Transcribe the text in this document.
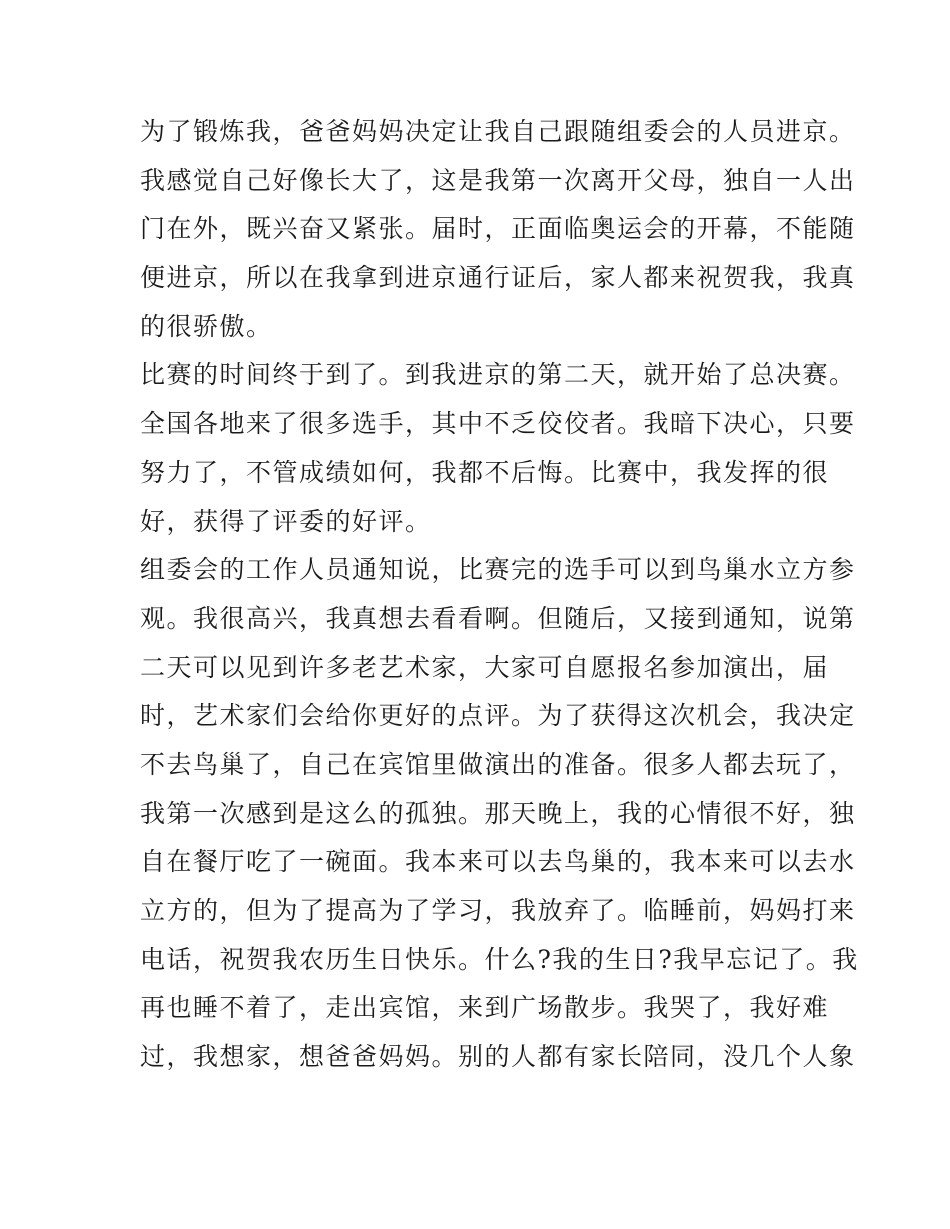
为了锻炼我，爸爸妈妈决定让我自己跟随组委会的人员进京。
我感觉自己好像长大了，这是我第一次离开父母，独自一人出
门在外，既兴奋又紧张。届时，正面临奥运会的开幕，不能随
便进京，所以在我拿到进京通行证后，家人都来祝贺我，我真
的很骄傲。
比赛的时间终于到了。到我进京的第二天，就开始了总决赛。
全国各地来了很多选手，其中不乏佼佼者。我暗下决心，只要
努力了，不管成绩如何，我都不后悔。比赛中，我发挥的很
好，获得了评委的好评。
组委会的工作人员通知说，比赛完的选手可以到鸟巢水立方参
观。我很高兴，我真想去看看啊。但随后，又接到通知，说第
二天可以见到许多老艺术家，大家可自愿报名参加演出，届
时，艺术家们会给你更好的点评。为了获得这次机会，我决定
不去鸟巢了，自己在宾馆里做演出的准备。很多人都去玩了，
我第一次感到是这么的孤独。那天晚上，我的心情很不好，独
自在餐厅吃了一碗面。我本来可以去鸟巢的，我本来可以去水
立方的，但为了提高为了学习，我放弃了。临睡前，妈妈打来
电话，祝贺我农历生日快乐。什么?我的生日?我早忘记了。我
再也睡不着了，走出宾馆，来到广场散步。我哭了，我好难
过，我想家，想爸爸妈妈。别的人都有家长陪同，没几个人象
